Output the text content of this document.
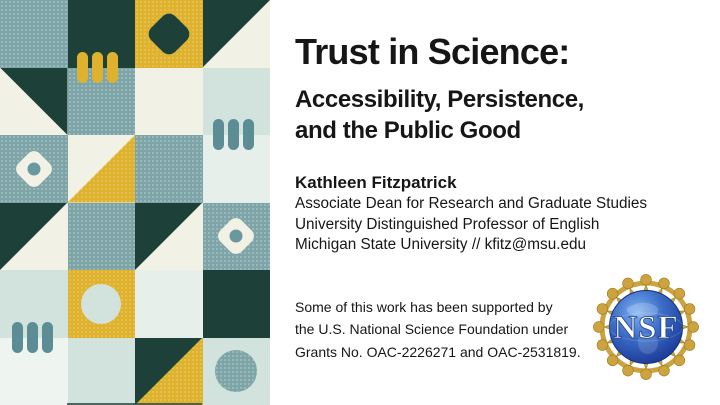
Trust in Science:
Accessibility, Persistence,
and the Public Good
Kathleen Fitzpatrick
Associate Dean for Research and Graduate Studies
University Distinguished Professor of English
Michigan State University // kfitz@msu.edu
Some of this work has been supported by
the U.S. National Science Foundation under
Grants No. OAC-2226271 and OAC-2531819.
NSF
